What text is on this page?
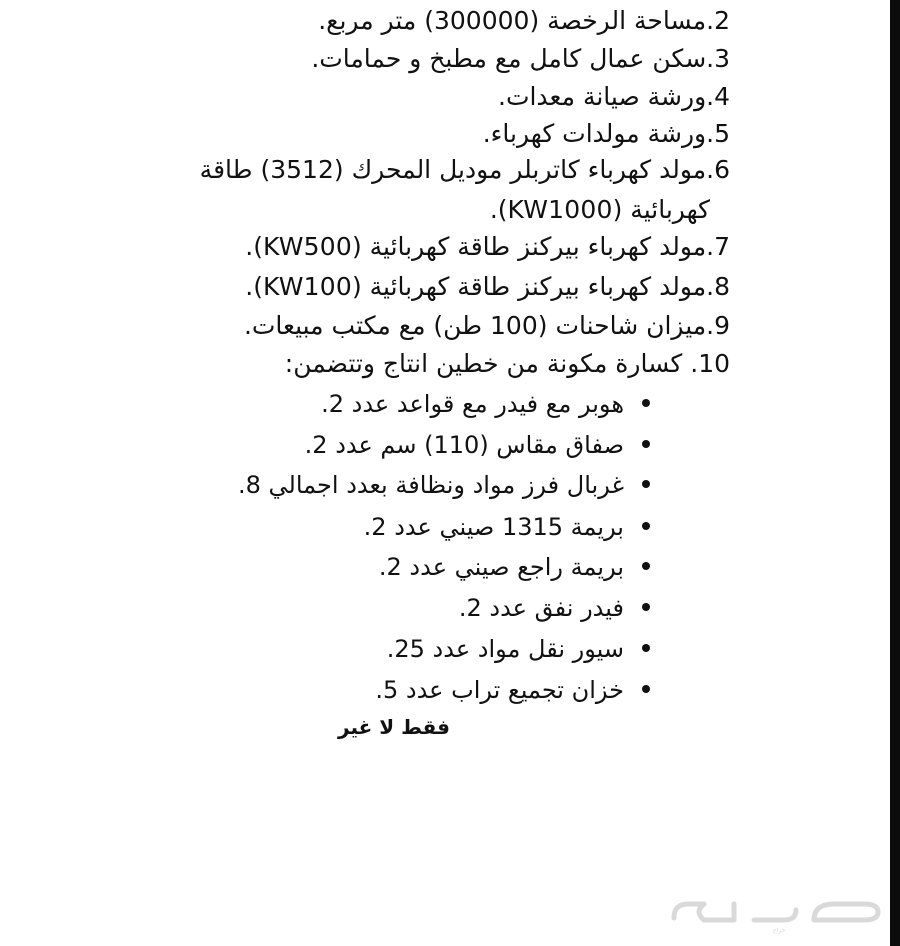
2.مساحة الرخصة (300000) متر مربع.
3.سكن عمال كامل مع مطبخ و حمامات.
4.ورشة صيانة معدات.
5.ورشة مولدات كهرباء.
6.مولد كهرباء كاتربلر موديل المحرك (3512) طاقة
كهربائية (KW1000).
7.مولد كهرباء بيركنز طاقة كهربائية (KW500).
8.مولد كهرباء بيركنز طاقة كهربائية (KW100).
9.ميزان شاحنات (100 طن) مع مكتب مبيعات.
10. كسارة مكونة من خطين انتاج وتتضمن:
هوبر مع فيدر مع قواعد عدد 2.
صفاق مقاس (110) سم عدد 2.
غربال فرز مواد ونظافة بعدد اجمالي 8.
بريمة 1315 صيني عدد 2.
بريمة راجع صيني عدد 2.
فيدر نفق عدد 2.
سيور نقل مواد عدد 25.
خزان تجميع تراب عدد 5.
فقط لا غير
حراج
